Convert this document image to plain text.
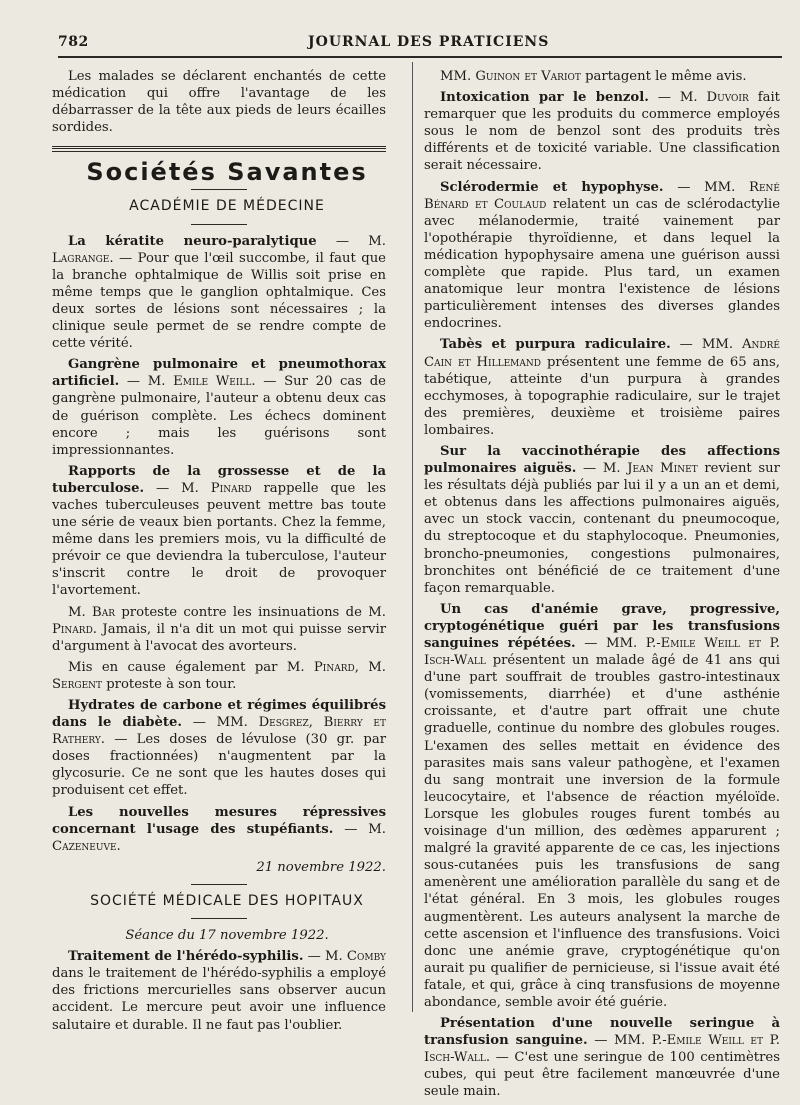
782	JOURNAL DES PRATICIENS

Les malades se déclarent enchantés de cette médication qui offre l'avantage de les débarrasser de la tête aux pieds de leurs écailles sordides.

Sociétés Savantes

ACADÉMIE DE MÉDECINE

La kératite neuro-paralytique — M. Lagrange. — Pour que l'œil succombe, il faut que la branche ophtalmique de Willis soit prise en même temps que le ganglion ophtalmique. Ces deux sortes de lésions sont nécessaires ; la clinique seule permet de se rendre compte de cette vérité.

Gangrène pulmonaire et pneumothorax artificiel. — M. Emile Weill. — Sur 20 cas de gangrène pulmonaire, l'auteur a obtenu deux cas de guérison complète. Les échecs dominent encore ; mais les guérisons sont impressionnantes.

Rapports de la grossesse et de la tuberculose. — M. Pinard rappelle que les vaches tuberculeuses peuvent mettre bas toute une série de veaux bien portants. Chez la femme, même dans les premiers mois, vu la difficulté de prévoir ce que deviendra la tuberculose, l'auteur s'inscrit contre le droit de provoquer l'avortement.

M. Bar proteste contre les insinuations de M. Pinard. Jamais, il n'a dit un mot qui puisse servir d'argument à l'avocat des avorteurs.

Mis en cause également par M. Pinard, M. Sergent proteste à son tour.

Hydrates de carbone et régimes équilibrés dans le diabète. — MM. Desgrez, Bierry et Rathery. — Les doses de lévulose (30 gr. par doses fractionnées) n'augmentent par la glycosurie. Ce ne sont que les hautes doses qui produisent cet effet.

Les nouvelles mesures répressives concernant l'usage des stupéfiants. — M. Cazeneuve.

21 novembre 1922.

SOCIÉTÉ MÉDICALE DES HOPITAUX

Séance du 17 novembre 1922.

Traitement de l'hérédo-syphilis. — M. Comby dans le traitement de l'hérédo-syphilis a employé des frictions mercurielles sans observer aucun accident. Le mercure peut avoir une influence salutaire et durable. Il ne faut pas l'oublier.

MM. Guinon et Variot partagent le même avis.

Intoxication par le benzol. — M. Duvoir fait remarquer que les produits du commerce employés sous le nom de benzol sont des produits très différents et de toxicité variable. Une classification serait nécessaire.

Sclérodermie et hypophyse. — MM. René Bénard et Coulaud relatent un cas de sclérodactylie avec mélanodermie, traité vainement par l'opothérapie thyroïdienne, et dans lequel la médication hypophysaire amena une guérison aussi complète que rapide. Plus tard, un examen anatomique leur montra l'existence de lésions particulièrement intenses des diverses glandes endocrines.

Tabès et purpura radiculaire. — MM. André Cain et Hillemand présentent une femme de 65 ans, tabétique, atteinte d'un purpura à grandes ecchymoses, à topographie radiculaire, sur le trajet des premières, deuxième et troisième paires lombaires.

Sur la vaccinothérapie des affections pulmonaires aiguës. — M. Jean Minet revient sur les résultats déjà publiés par lui il y a un an et demi, et obtenus dans les affections pulmonaires aiguës, avec un stock vaccin, contenant du pneumocoque, du streptocoque et du staphylocoque. Pneumonies, broncho-pneumonies, congestions pulmonaires, bronchites ont bénéficié de ce traitement d'une façon remarquable.

Un cas d'anémie grave, progressive, cryptogénétique guéri par les transfusions sanguines répétées. — MM. P.-Emile Weill et P. Isch-Wall présentent un malade âgé de 41 ans qui d'une part souffrait de troubles gastro-intestinaux (vomissements, diarrhée) et d'une asthénie croissante, et d'autre part offrait une chute graduelle, continue du nombre des globules rouges. L'examen des selles mettait en évidence des parasites mais sans valeur pathogène, et l'examen du sang montrait une inversion de la formule leucocytaire, et l'absence de réaction myéloïde. Lorsque les globules rouges furent tombés au voisinage d'un million, des œdèmes apparurent ; malgré la gravité apparente de ce cas, les injections sous-cutanées puis les transfusions de sang amenèrent une amélioration parallèle du sang et de l'état général. En 3 mois, les globules rouges augmentèrent. Les auteurs analysent la marche de cette ascension et l'influence des transfusions. Voici donc une anémie grave, cryptogénétique qu'on aurait pu qualifier de pernicieuse, si l'issue avait été fatale, et qui, grâce à cinq transfusions de moyenne abondance, semble avoir été guérie.

Présentation d'une nouvelle seringue à transfusion sanguine. — MM. P.-Emile Weill et P. Isch-Wall. — C'est une seringue de 100 centimètres cubes, qui peut être facilement manœuvrée d'une seule main.
